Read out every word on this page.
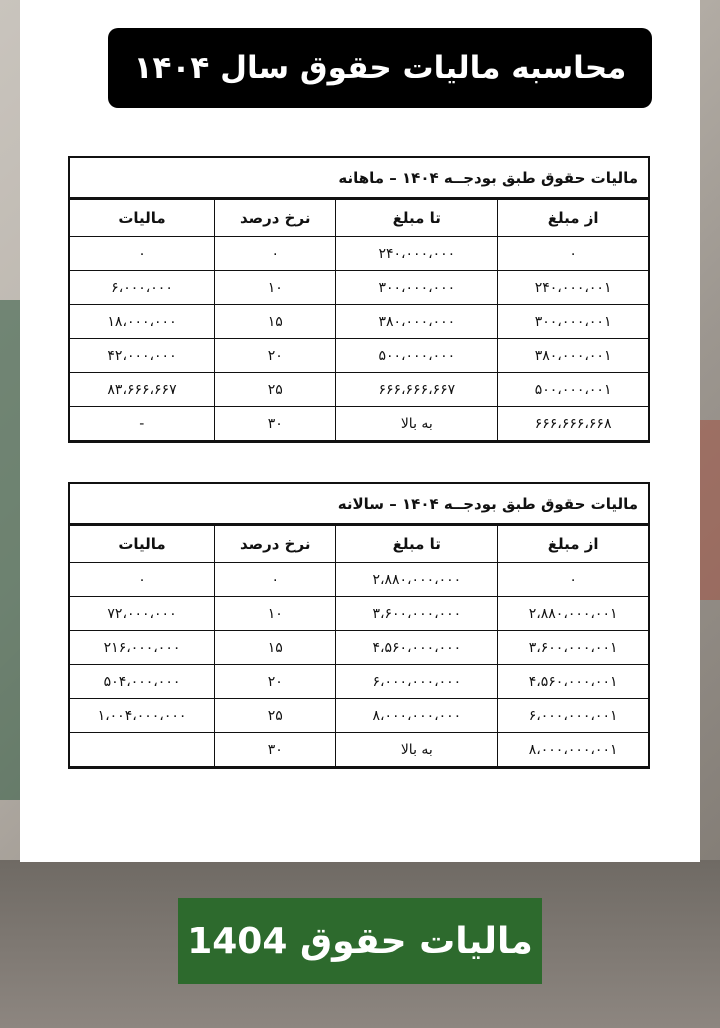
محاسبه مالیات حقوق سال ۱۴۰۴
مالیات حقوق طبق بودجــه ۱۴۰۴ – ماهانه
از مبلغ	تا مبلغ	نرخ درصد	مالیات
۰	۲۴۰،۰۰۰،۰۰۰	۰	۰
۲۴۰،۰۰۰،۰۰۱	۳۰۰،۰۰۰،۰۰۰	۱۰	۶،۰۰۰،۰۰۰
۳۰۰،۰۰۰،۰۰۱	۳۸۰،۰۰۰،۰۰۰	۱۵	۱۸،۰۰۰،۰۰۰
۳۸۰،۰۰۰،۰۰۱	۵۰۰،۰۰۰،۰۰۰	۲۰	۴۲،۰۰۰،۰۰۰
۵۰۰،۰۰۰،۰۰۱	۶۶۶،۶۶۶،۶۶۷	۲۵	۸۳،۶۶۶،۶۶۷
۶۶۶،۶۶۶،۶۶۸	به بالا	۳۰	-
مالیات حقوق طبق بودجــه ۱۴۰۴ – سالانه
از مبلغ	تا مبلغ	نرخ درصد	مالیات
۰	۲،۸۸۰،۰۰۰،۰۰۰	۰	۰
۲،۸۸۰،۰۰۰،۰۰۱	۳،۶۰۰،۰۰۰،۰۰۰	۱۰	۷۲،۰۰۰،۰۰۰
۳،۶۰۰،۰۰۰،۰۰۱	۴،۵۶۰،۰۰۰،۰۰۰	۱۵	۲۱۶،۰۰۰،۰۰۰
۴،۵۶۰،۰۰۰،۰۰۱	۶،۰۰۰،۰۰۰،۰۰۰	۲۰	۵۰۴،۰۰۰،۰۰۰
۶،۰۰۰،۰۰۰،۰۰۱	۸،۰۰۰،۰۰۰،۰۰۰	۲۵	۱،۰۰۴،۰۰۰،۰۰۰
۸،۰۰۰،۰۰۰،۰۰۱	به بالا	۳۰	
مالیات حقوق 1404
